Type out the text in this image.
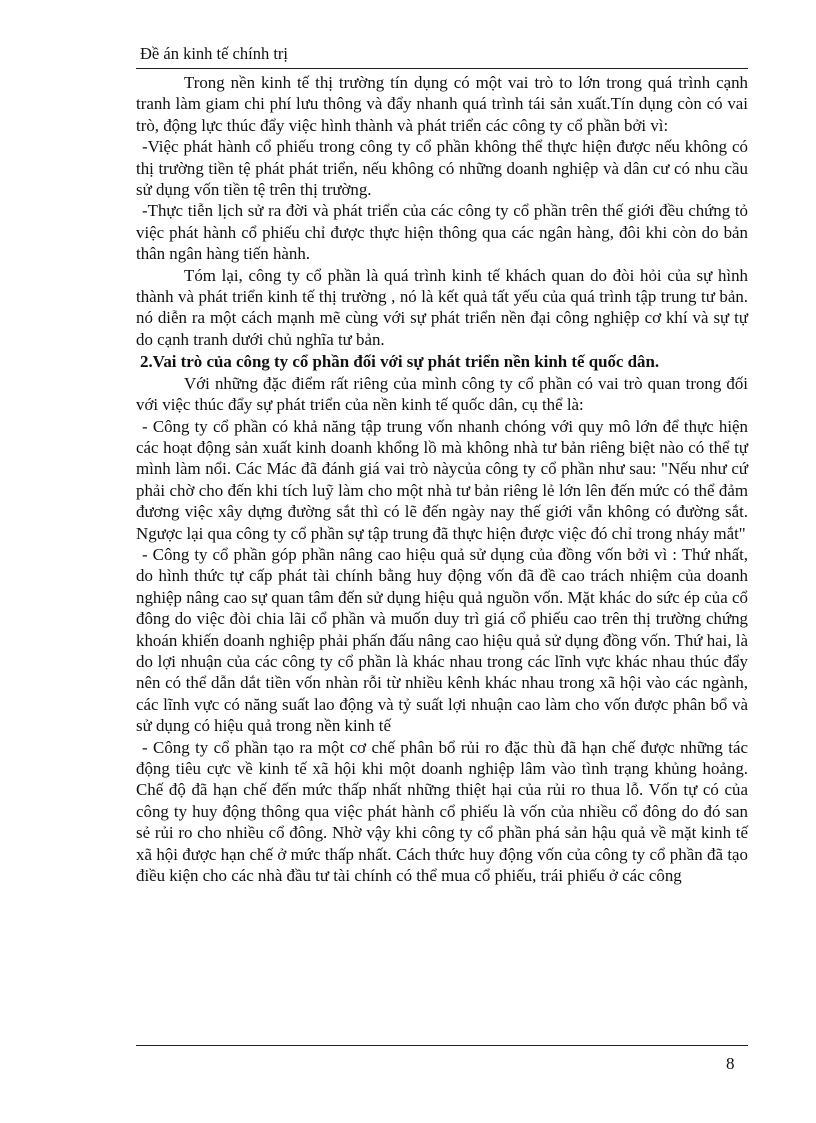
Đề án kinh tế chính trị

Trong nền kinh tế thị trường tín dụng có một vai trò to lớn trong quá trình cạnh tranh làm giam chi phí lưu thông và đẩy nhanh quá trình tái sản xuất.Tín dụng còn có vai trò, động lực thúc đẩy việc hình thành và phát triển các công ty cổ phần bởi vì:

-Việc phát hành cổ phiếu trong công ty cổ phần không thể thực hiện được nếu không có thị trường tiền tệ phát phát triển, nếu không có những doanh nghiệp và dân cư có nhu cầu sử dụng vốn tiền tệ trên thị trường.

-Thực tiễn lịch sử ra đời và phát triển của các công ty cổ phần trên thế giới đều chứng tỏ việc phát hành cổ phiếu chỉ được thực hiện thông qua các ngân hàng, đôi khi còn do bản thân ngân hàng tiến hành.

Tóm lại, công ty cổ phần là quá trình kinh tế khách quan do đòi hỏi của sự hình thành và phát triển kinh tế thị trường , nó là kết quả tất yếu của quá trình tập trung tư bản. nó diễn ra một cách mạnh mẽ cùng với sự phát triển nền đại công nghiệp cơ khí và sự tự do cạnh tranh dưới chủ nghĩa tư bản.

2.Vai trò của công ty cổ phần đối với sự phát triển nền kinh tế quốc dân.

Với những đặc điểm rất riêng của mình công ty cổ phần có vai trò quan trong đối với việc thúc đẩy sự phát triển của nền kinh tế quốc dân, cụ thể là:

- Công ty cổ phần có khả năng tập trung vốn nhanh chóng với quy mô lớn để thực hiện các hoạt động sản xuất kinh doanh khổng lồ mà không nhà tư bản riêng biệt nào có thể tự mình làm nổi. Các Mác đã đánh giá vai trò nàycủa công ty cổ phần như sau: "Nếu như cứ phải chờ cho đến khi tích luỹ làm cho một nhà tư bản riêng lẻ lớn lên đến mức có thể đảm đương việc xây dựng đường sắt thì có lẽ đến ngày nay thế giới vẫn không có đường sắt. Ngược lại qua công ty cổ phần sự tập trung đã thực hiện được việc đó chỉ trong nháy mắt"

- Công ty cổ phần góp phần nâng cao hiệu quả sử dụng của đồng vốn bởi vì : Thứ nhất, do hình thức tự cấp phát tài chính bằng huy động vốn đã đề cao trách nhiệm của doanh nghiệp nâng cao sự quan tâm đến sử dụng hiệu quả nguồn vốn. Mặt khác do sức ép của cổ đông do việc đòi chia lãi cổ phần và muốn duy trì giá cổ phiếu cao trên thị trường chứng khoán khiến doanh nghiệp phải phấn đấu nâng cao hiệu quả sử dụng đồng vốn. Thứ hai, là do lợi nhuận của các công ty cổ phần là khác nhau trong các lĩnh vực khác nhau thúc đẩy nên có thể dẫn dắt tiền vốn nhàn rỗi từ nhiều kênh khác nhau trong xã hội vào các ngành, các lĩnh vực có năng suất lao động và tỷ suất lợi nhuận cao làm cho vốn được phân bổ và sử dụng có hiệu quả trong nền kinh tế

- Công ty cổ phần tạo ra một cơ chế phân bổ rủi ro đặc thù đã hạn chế được những tác động tiêu cực về kinh tế xã hội khi một doanh nghiệp lâm vào tình trạng khủng hoảng. Chế độ đã hạn chế đến mức thấp nhất những thiệt hại của rủi ro thua lỗ. Vốn tự có của công ty huy động thông qua việc phát hành cổ phiếu là vốn của nhiều cổ đông do đó san sẻ rủi ro cho nhiều cổ đông. Nhờ vậy khi công ty cổ phần phá sản hậu quả về mặt kinh tế xã hội được hạn chế ở mức thấp nhất. Cách thức huy động vốn của công ty cổ phần đã tạo điều kiện cho các nhà đầu tư tài chính có thể mua cổ phiếu, trái phiếu ở các công

8
